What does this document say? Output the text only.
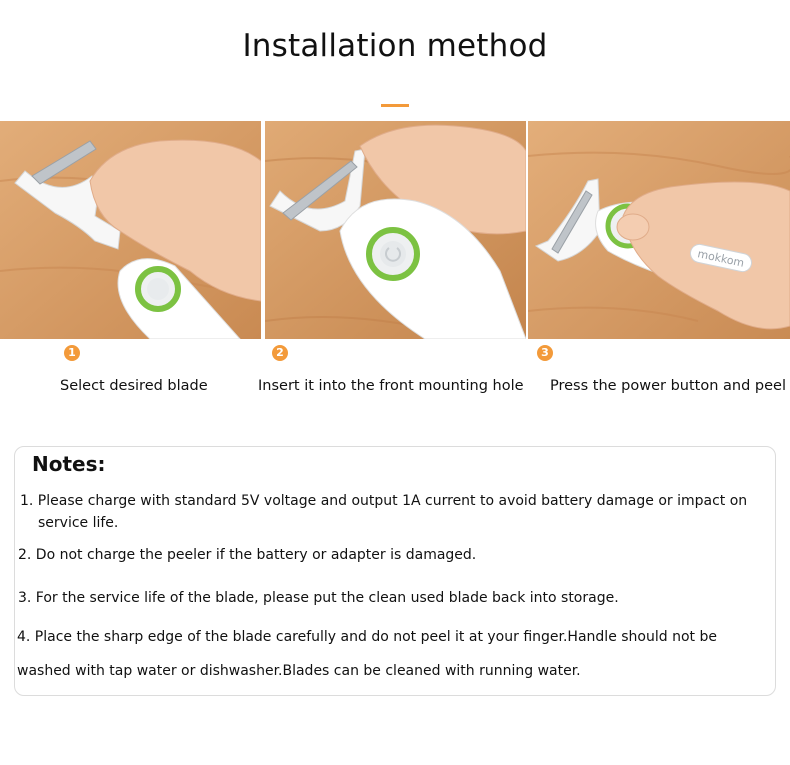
Installation method
mokkom
1	2	3
Select desired blade	Insert it into the front mounting hole Press the power button and peel
Notes:
1. Please charge with standard 5V voltage and output 1A current to avoid battery damage or impact on
service life.
2. Do not charge the peeler if the battery or adapter is damaged.
3. For the service life of the blade, please put the clean used blade back into storage.
4. Place the sharp edge of the blade carefully and do not peel it at your finger.Handle should not be
washed with tap water or dishwasher.Blades can be cleaned with running water.
